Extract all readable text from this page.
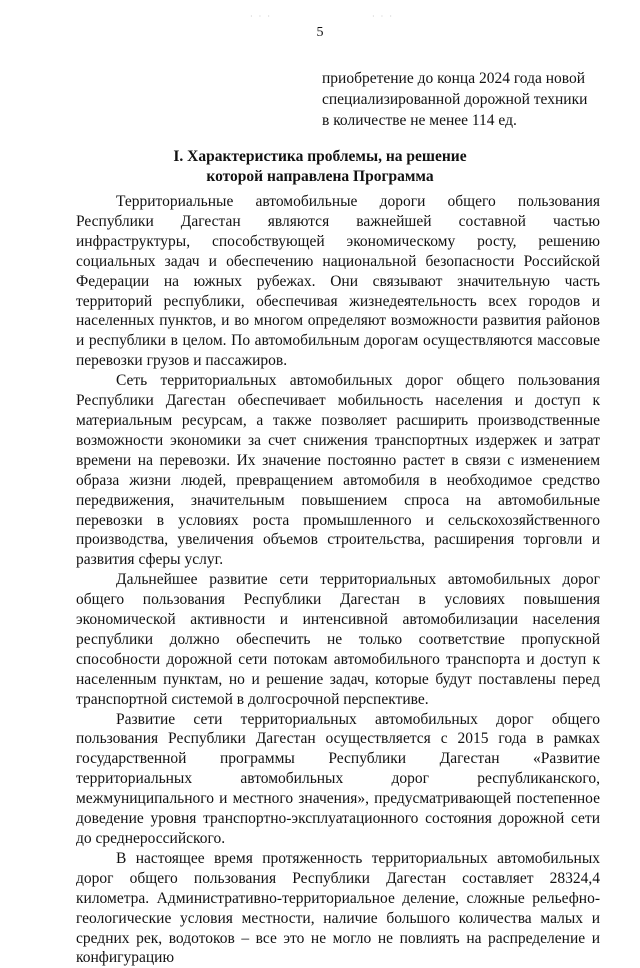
· · ·	· · ·
5
приобретение до конца 2024 года новой
специализированной дорожной техники
в количестве не менее 114 ед.
I. Характеристика проблемы, на решение
которой направлена Программа

Территориальные автомобильные дороги общего пользования Республики Дагестан являются важнейшей составной частью инфраструктуры, способствующей экономическому росту, решению социальных задач и обеспечению национальной безопасности Российской Федерации на южных рубежах. Они связывают значительную часть территорий республики, обеспечивая жизнедеятельность всех городов и населенных пунктов, и во многом определяют возможности развития районов и республики в целом. По автомобильным дорогам осуществляются массовые перевозки грузов и пассажиров.

Сеть территориальных автомобильных дорог общего пользования Республики Дагестан обеспечивает мобильность населения и доступ к материальным ресурсам, а также позволяет расширить производственные возможности экономики за счет снижения транспортных издержек и затрат времени на перевозки. Их значение постоянно растет в связи с изменением образа жизни людей, превращением автомобиля в необходимое средство передвижения, значительным повышением спроса на автомобильные перевозки в условиях роста промышленного и сельскохозяйственного производства, увеличения объемов строительства, расширения торговли и развития сферы услуг.

Дальнейшее развитие сети территориальных автомобильных дорог общего пользования Республики Дагестан в условиях повышения экономической активности и интенсивной автомобилизации населения республики должно обеспечить не только соответствие пропускной способности дорожной сети потокам автомобильного транспорта и доступ к населенным пунктам, но и решение задач, которые будут поставлены перед транспортной системой в долгосрочной перспективе.

Развитие сети территориальных автомобильных дорог общего пользования Республики Дагестан осуществляется с 2015 года в рамках государственной программы Республики Дагестан «Развитие территориальных автомобильных дорог республиканского, межмуниципального и местного значения», предусматривающей постепенное доведение уровня транспортно-эксплуатационного состояния дорожной сети до среднероссийского.

В настоящее время протяженность территориальных автомобильных дорог общего пользования Республики Дагестан составляет 28324,4 километра. Административно-территориальное деление, сложные рельефно-геологические условия местности, наличие большого количества малых и средних рек, водотоков – все это не могло не повлиять на распределение и конфигурацию
